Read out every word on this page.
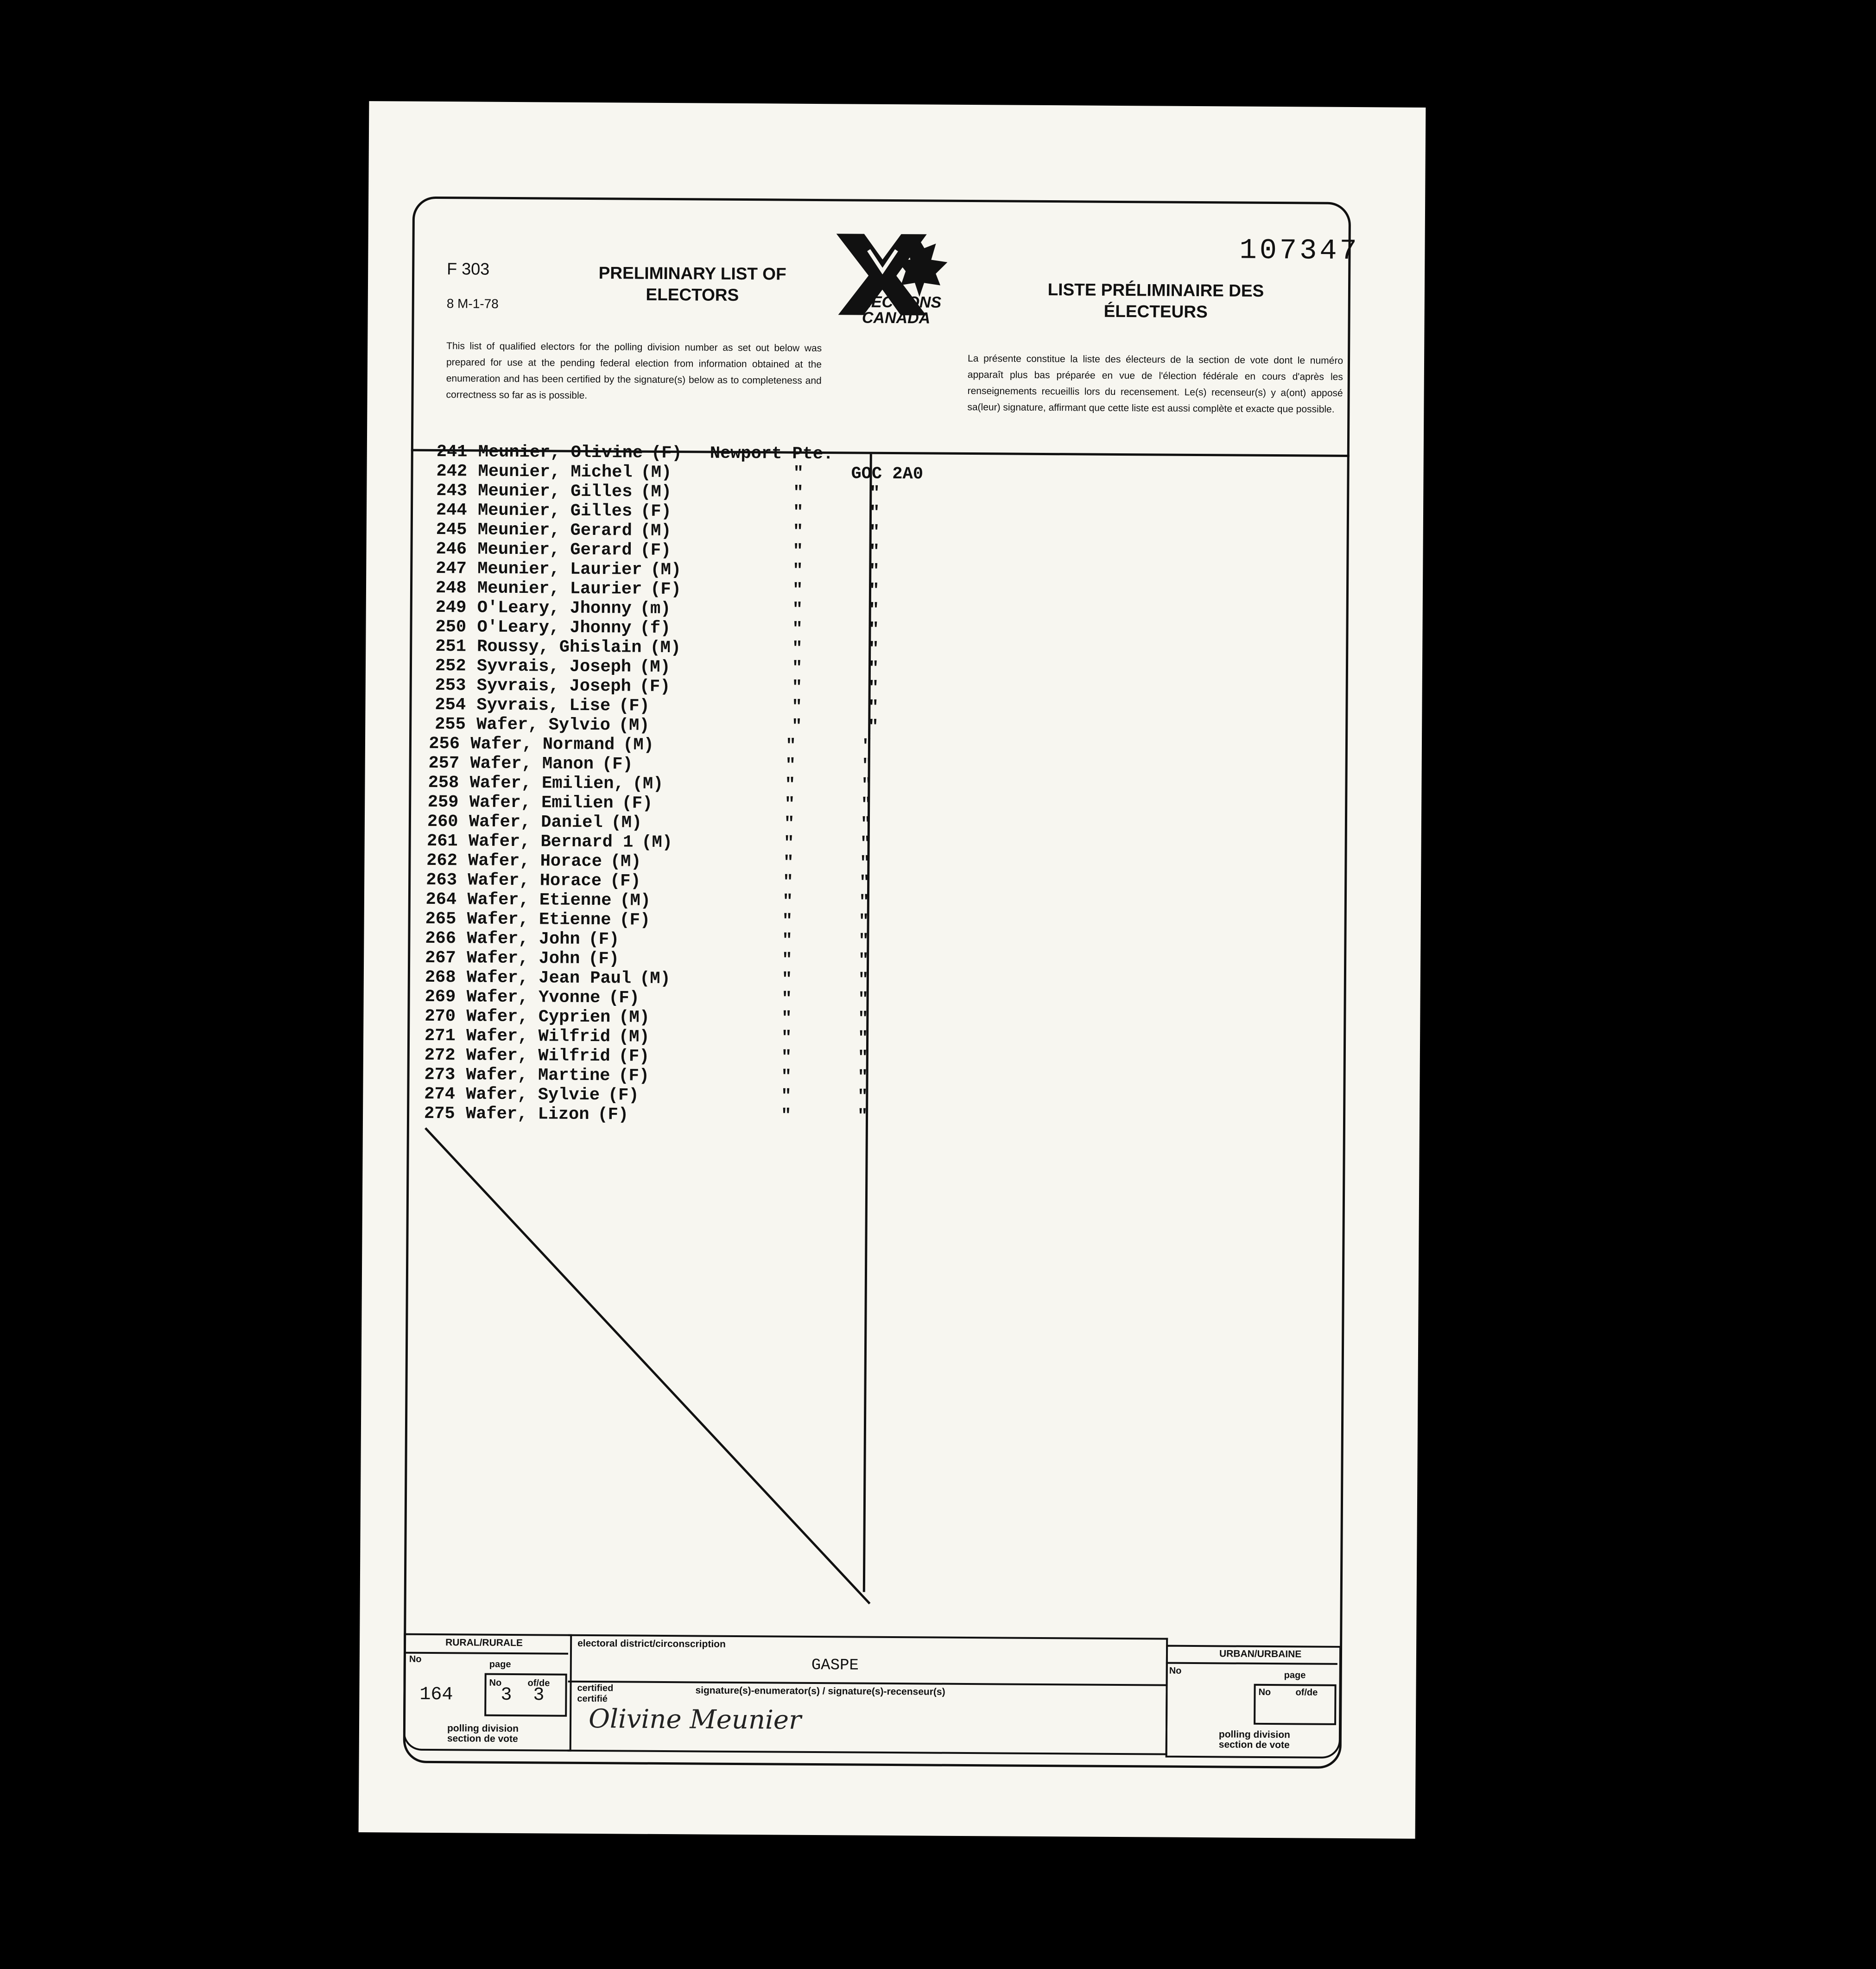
107347
F 303
8 M-1-78
PRELIMINARY LIST OF ELECTORS	LISTE PRÉLIMINAIRE DES ÉLECTEURS
ELECTIONS CANADA
This list of qualified electors for the polling division number as set out below was prepared for use at the pending federal election from information obtained at the enumeration and has been certified by the signature(s) below as to completeness and correctness so far as is possible.
La présente constitue la liste des électeurs de la section de vote dont le numéro apparaît plus bas préparée en vue de l'élection fédérale en cours d'après les renseignements recueillis lors du recensement. Le(s) recenseur(s) y a(ont) apposé sa(leur) signature, affirmant que cette liste est aussi complète et exacte que possible.
241 Meunier, Olivine (F) Newport Pte.
242 Meunier, Michel (M)	"	GOC 2A0
243 Meunier, Gilles (M)	"	"
244 Meunier, Gilles (F)	"	"
245 Meunier, Gerard (M)	"	"
246 Meunier, Gerard (F)	"	"
247 Meunier, Laurier (M)	"	"
248 Meunier, Laurier (F)	"	"
249 O'Leary, Jhonny (m)	"	"
250 O'Leary, Jhonny (f)	"	"
251 Roussy, Ghislain (M)	"	"
252 Syvrais, Joseph (M)	"	"
253 Syvrais, Joseph (F)	"	"
254 Syvrais, Lise (F)	"	"
255 Wafer, Sylvio (M)	"	"
256 Wafer, Normand (M)	"	"
257 Wafer, Manon (F)	"	"
258 Wafer, Emilien, (M)	"	"
259 Wafer, Emilien (F)	"	"
260 Wafer, Daniel (M)	"	"
261 Wafer, Bernard 1 (M)	"	"
262 Wafer, Horace (M)	"	"
263 Wafer, Horace (F)	"	"
264 Wafer, Etienne (M)	"	"
265 Wafer, Etienne (F)	"	"
266 Wafer, John (F)	"	"
267 Wafer, John (F)	"	"
268 Wafer, Jean Paul (M)	"	"
269 Wafer, Yvonne (F)	"	"
270 Wafer, Cyprien (M)	"	"
271 Wafer, Wilfrid (M)	"	"
272 Wafer, Wilfrid (F)	"	"
273 Wafer, Martine (F)	"	"
274 Wafer, Sylvie (F)	"	"
275 Wafer, Lizon (F)	"	"
RURAL/RURALE
No	page
164
No
3
of/de
3
polling division
section de vote
electoral district/circonscription
GASPE
certified
certifié
signature(s)-enumerator(s) / signature(s)-recenseur(s)
Olivine Meunier
URBAN/URBAINE
No	page
No	of/de
polling division
section de vote
